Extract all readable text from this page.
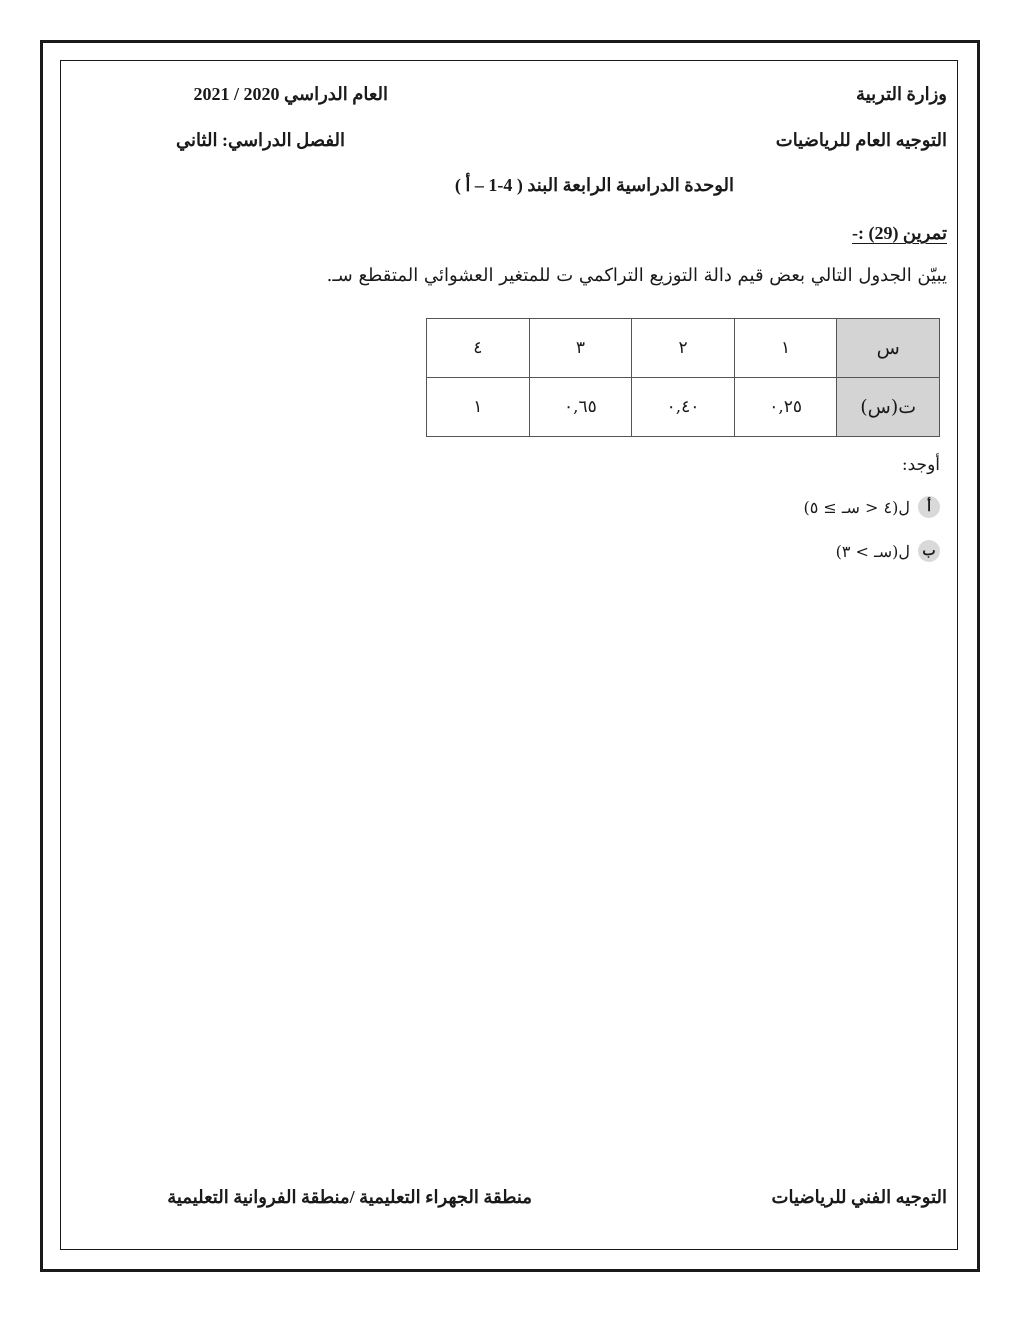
وزارة التربية
العام الدراسي 2020 / 2021
التوجيه العام للرياضيات
الفصل الدراسي: الثاني
الوحدة الدراسية الرابعة البند ( 4-1 – أ )
تمرين (29) :-
يبيّن الجدول التالي بعض قيم دالة التوزيع التراكمي ت للمتغير العشوائي المتقطع سـ.
س	١	٢	٣	٤
ت(س)	٠,٢٥	٠,٤٠	٠,٦٥	١
أوجد:
أ
ل(٤ < سـ ≥ ٥)
ب
ل(سـ > ٣)
التوجيه الفني للرياضيات
منطقة الجهراء التعليمية /منطقة الفروانية التعليمية
